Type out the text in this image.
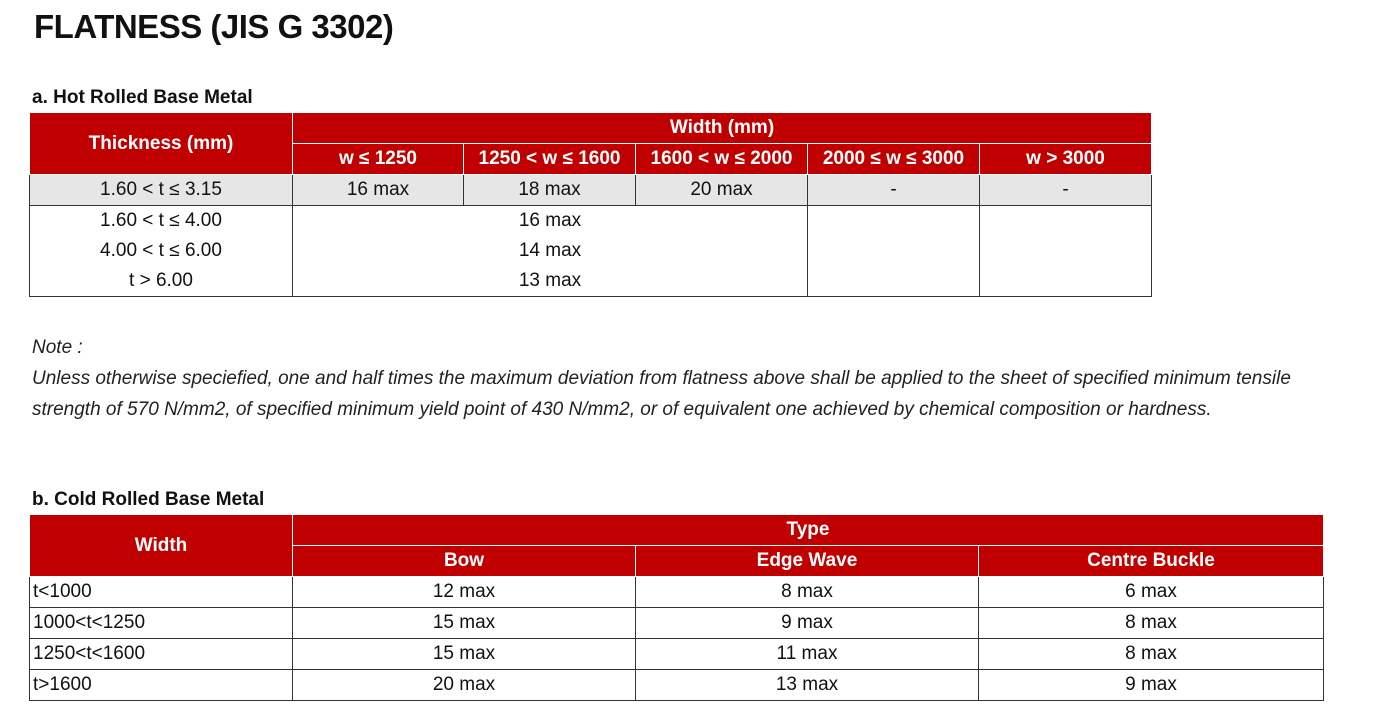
FLATNESS (JIS G 3302)
a. Hot Rolled Base Metal
Thickness (mm)	Width (mm)				
	w ≤ 1250	1250 < w ≤ 1600	1600 < w ≤ 2000	2000 ≤ w ≤ 3000	w > 3000
1.60 < t ≤ 3.15	16 max	18 max	20 max	-	-
1.60 < t ≤ 4.00	16 max				
4.00 < t ≤ 6.00	14 max				
t > 6.00	13 max				

Note :

Unless otherwise speciefied, one and half times the maximum deviation from flatness above shall be applied to the sheet of specified minimum tensile strength of 570 N/mm2, of specified minimum yield point of 430 N/mm2, or of equivalent one achieved by chemical composition or hardness.

b. Cold Rolled Base Metal
Width	Type		
	Bow	Edge Wave	Centre Buckle
t<1000	12 max	8 max	6 max
1000<t<1250	15 max	9 max	8 max
1250<t<1600	15 max	11 max	8 max
t>1600	20 max	13 max	9 max
